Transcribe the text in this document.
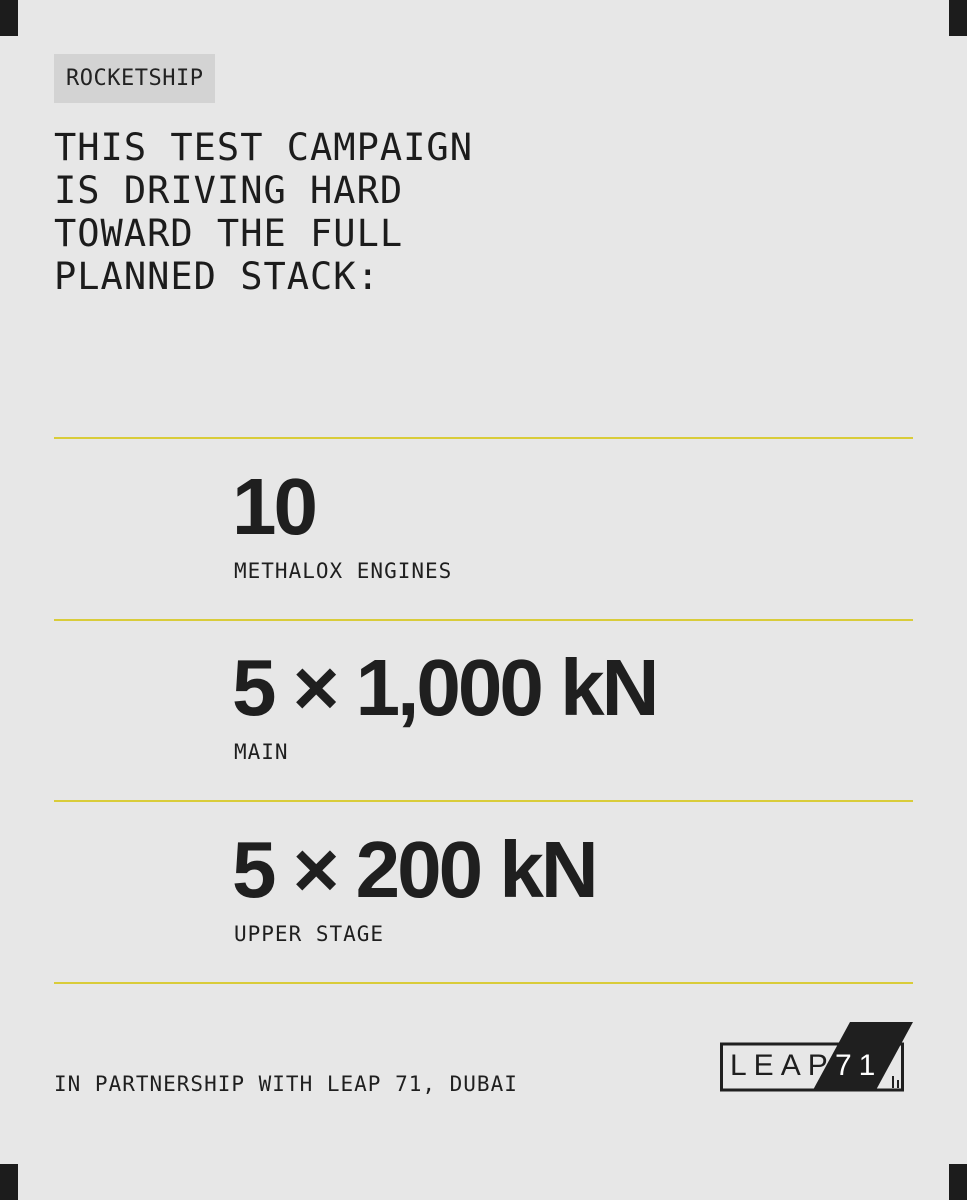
ROCKETSHIP
THIS TEST CAMPAIGN
IS DRIVING HARD
TOWARD THE FULL
PLANNED STACK:
10
METHALOX ENGINES
5 × 1,000 kN
MAIN
5 × 200 kN
UPPER STAGE
IN PARTNERSHIP WITH LEAP 71, DUBAI
LEAP 71
